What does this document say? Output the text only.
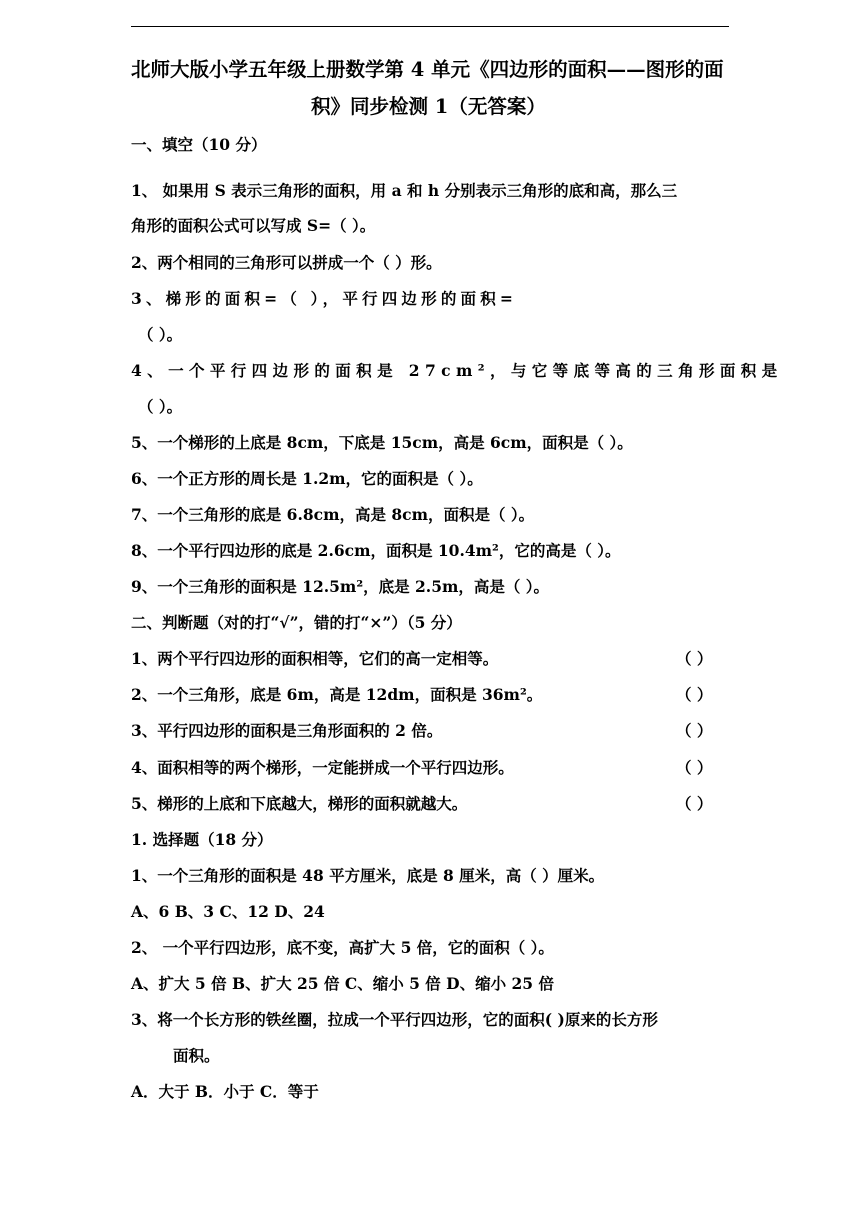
北师大版小学五年级上册数学第 4 单元《四边形的面积——图形的面
积》同步检测 1（无答案）
一、填空（10 分）
1、 如果用 S 表示三角形的面积，用 a 和 h 分别表示三角形的底和高，那么三
角形的面积公式可以写成 S=（ ）。
2、两个相同的三角形可以拼成一个（ ）形。
3、梯形的面积=（ ），平行四边形的面积=
（ ）。
4、一个平行四边形的面积是 27cm²，与它等底等高的三角形面积是
（ ）。
5、一个梯形的上底是 8cm，下底是 15cm，高是 6cm，面积是（ ）。
6、一个正方形的周长是 1.2m，它的面积是（ ）。
7、一个三角形的底是 6.8cm，高是 8cm，面积是（ ）。
8、一个平行四边形的底是 2.6cm，面积是 10.4m²，它的高是（ ）。
9、一个三角形的面积是 12.5m²，底是 2.5m，高是（ ）。
二、判断题（对的打“√”，错的打“×”）（5 分）
1、两个平行四边形的面积相等，它们的高一定相等。	（ ）
2、一个三角形，底是 6m，高是 12dm，面积是 36m²。	（ ）
3、平行四边形的面积是三角形面积的 2 倍。	（ ）
4、面积相等的两个梯形，一定能拼成一个平行四边形。	（ ）
5、梯形的上底和下底越大，梯形的面积就越大。	（ ）
1. 选择题（18 分）
1、一个三角形的面积是 48 平方厘米，底是 8 厘米，高（ ）厘米。
A、6 B、3 C、12 D、24
2、 一个平行四边形，底不变，高扩大 5 倍，它的面积（ ）。
A、扩大 5 倍 B、扩大 25 倍 C、缩小 5 倍 D、缩小 25 倍
3、将一个长方形的铁丝圈，拉成一个平行四边形，它的面积( )原来的长方形
面积。
A．大于 B．小于 C．等于
